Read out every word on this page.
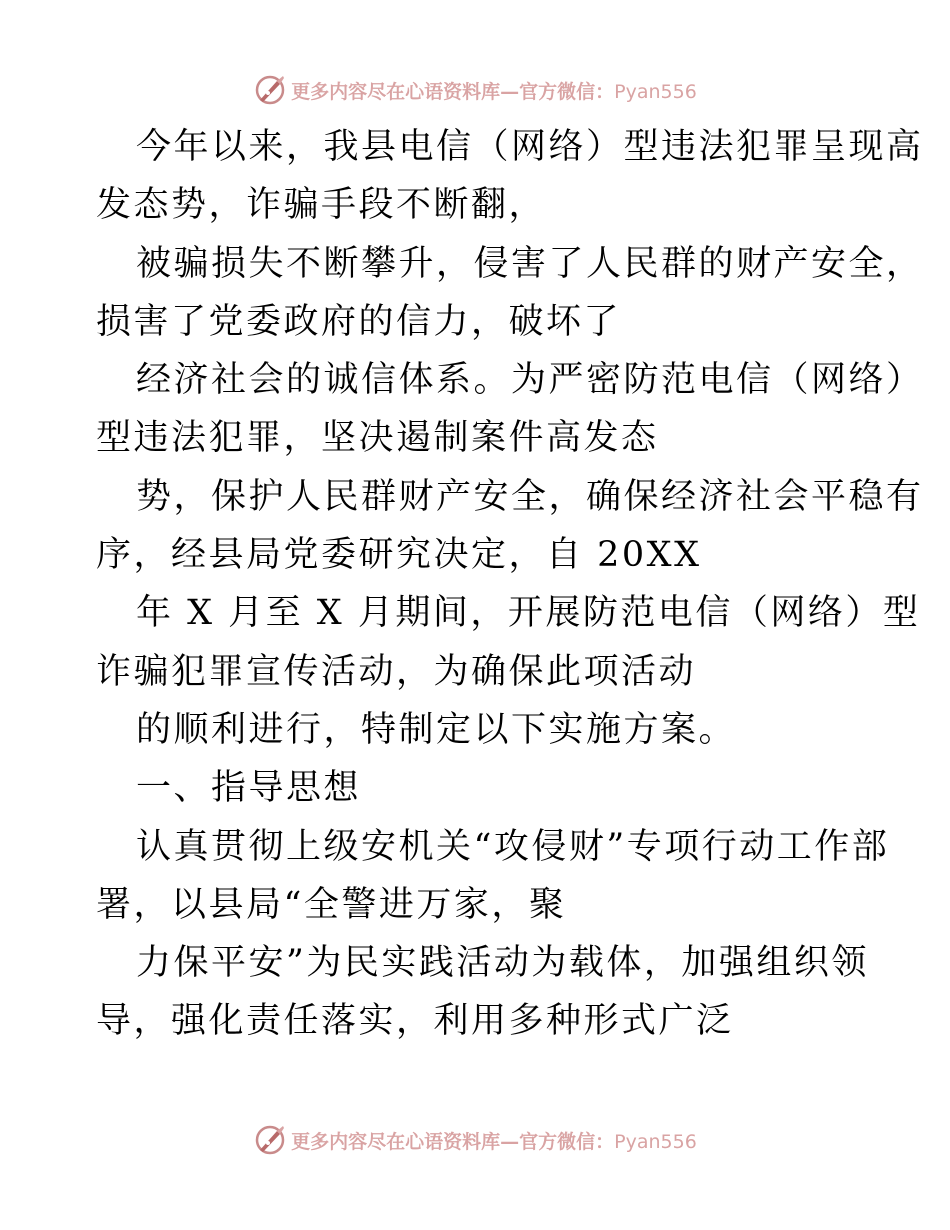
更多内容尽在心语资料库—官方微信：Pyan556
今年以来，我县电信（网络）型违法犯罪呈现高
发态势，诈骗手段不断翻，
被骗损失不断攀升，侵害了人民群的财产安全，
损害了党委政府的信力，破坏了
经济社会的诚信体系。为严密防范电信（网络）
型违法犯罪，坚决遏制案件高发态
势，保护人民群财产安全，确保经济社会平稳有
序，经县局党委研究决定，自 20XX
年 X 月至 X 月期间，开展防范电信（网络）型
诈骗犯罪宣传活动，为确保此项活动
的顺利进行，特制定以下实施方案。
一、指导思想
认真贯彻上级安机关“攻侵财”专项行动工作部
署，以县局“全警进万家，聚
力保平安”为民实践活动为载体，加强组织领
导，强化责任落实，利用多种形式广泛
更多内容尽在心语资料库—官方微信：Pyan556
